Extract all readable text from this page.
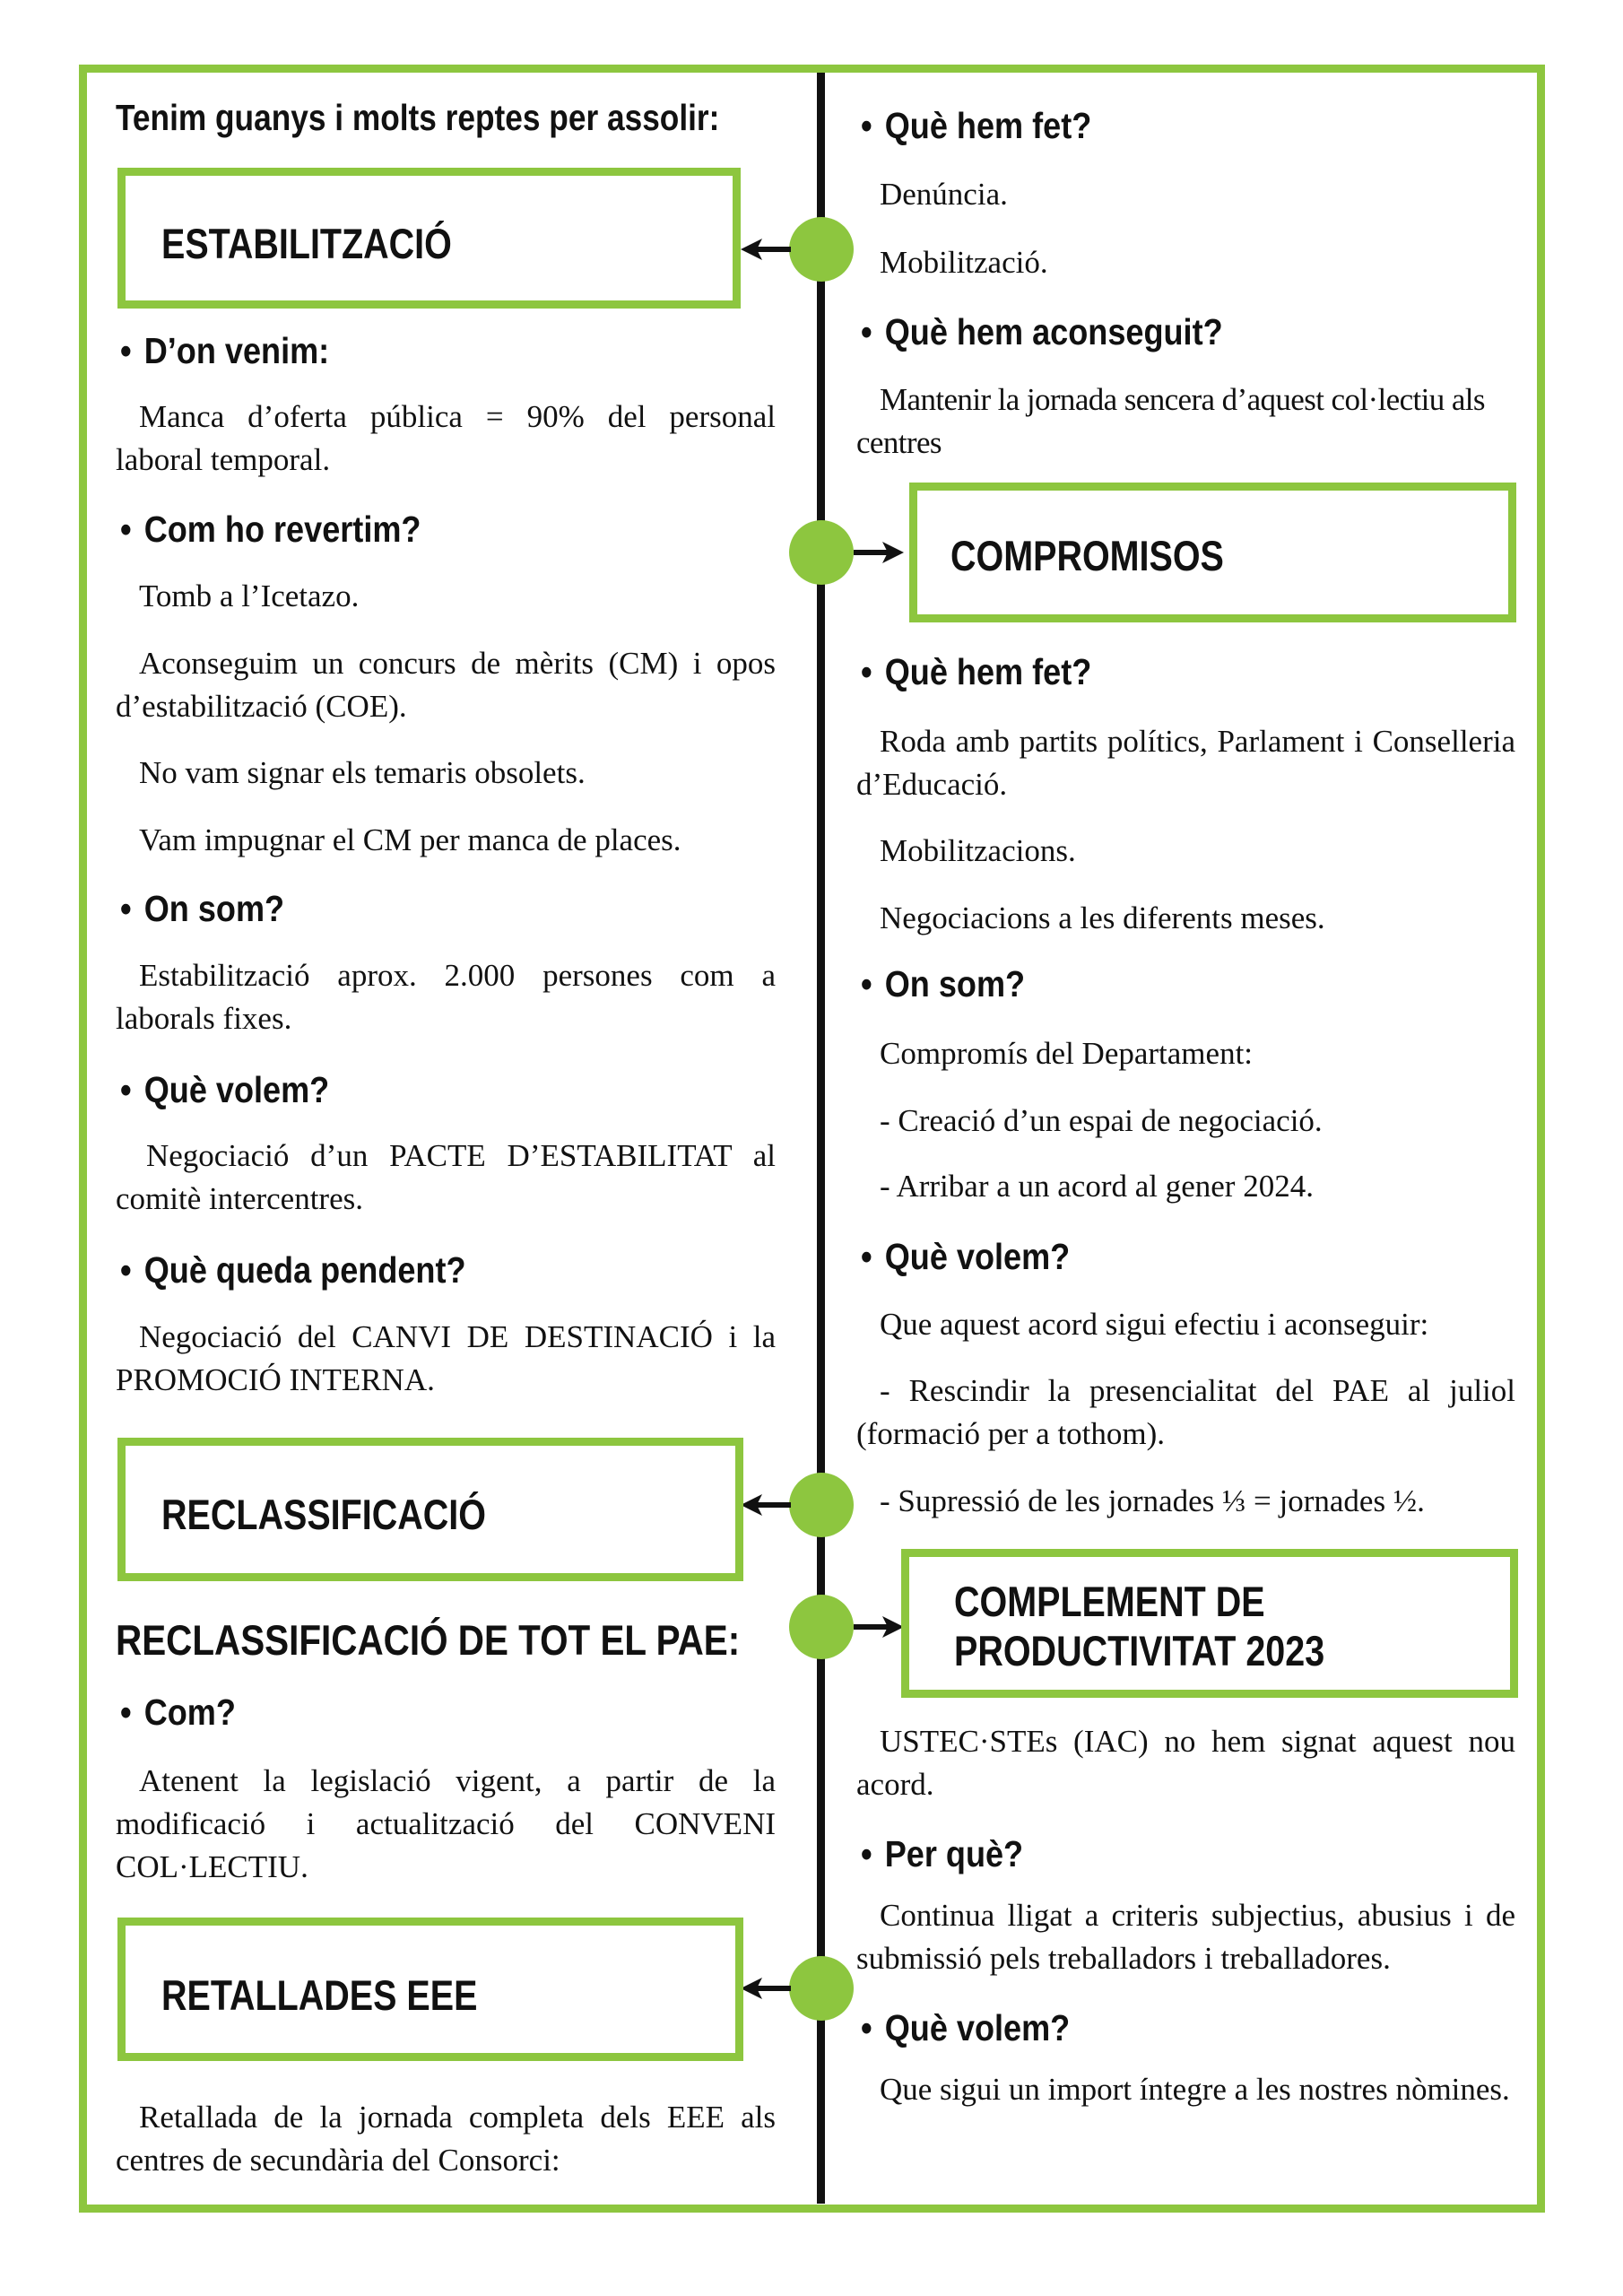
Tenim guanys i molts reptes per assolir:
ESTABILITZACIÓ
• D’on venim:

Manca d’oferta pública = 90% del personal laboral temporal.

• Com ho revertim?

Tomb a l’Icetazo.

Aconseguim un concurs de mèrits (CM) i opos d’estabilització (COE).

No vam signar els temaris obsolets.

Vam impugnar el CM per manca de places.

• On som?

Estabilització aprox. 2.000 persones com a laborals fixes.

• Què volem?

Negociació d’un PACTE D’ESTABILITAT al comitè intercentres.

• Què queda pendent?

Negociació del CANVI DE DESTINACIÓ i la PROMOCIÓ INTERNA.

RECLASSIFICACIÓ
RECLASSIFICACIÓ DE TOT EL PAE:
• Com?

Atenent la legislació vigent, a partir de la modificació i actualització del CONVENI COL·LECTIU.

RETALLADES EEE

Retallada de la jornada completa dels EEE als centres de secundària del Consorci:

• Què hem fet?

Denúncia.

Mobilització.

• Què hem aconseguit?

Mantenir la jornada sencera d’aquest col·lectiu als centres

COMPROMISOS
• Què hem fet?

Roda amb partits polítics, Parlament i Conselleria d’Educació.

Mobilitzacions.

Negociacions a les diferents meses.

• On som?

Compromís del Departament:

- Creació d’un espai de negociació.

- Arribar a un acord al gener 2024.

• Què volem?

Que aquest acord sigui efectiu i aconseguir:

- Rescindir la presencialitat del PAE al juliol (formació per a tothom).

- Supressió de les jornades ⅓ = jornades ½.

COMPLEMENT DE
PRODUCTIVITAT 2023

USTEC·STEs (IAC) no hem signat aquest nou acord.

• Per què?

Continua lligat a criteris subjectius, abusius i de submissió pels treballadors i treballadores.

• Què volem?

Que sigui un import íntegre a les nostres nòmines.
